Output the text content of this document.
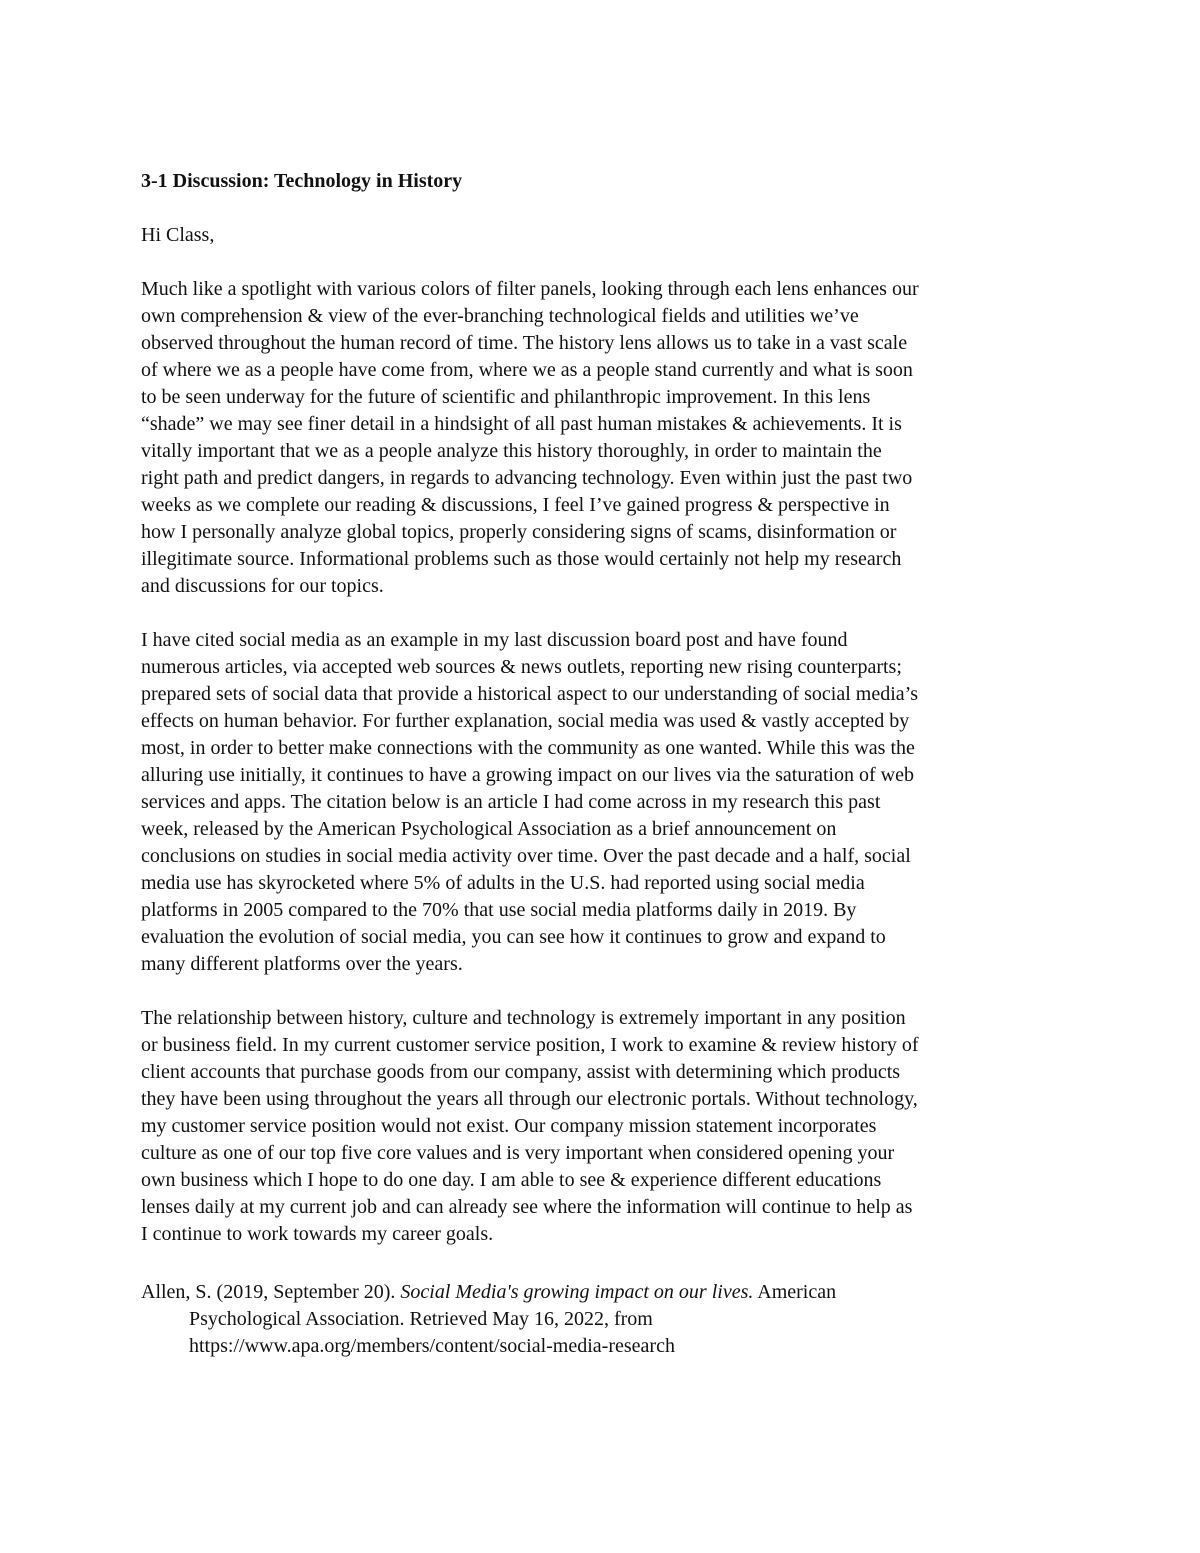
3-1 Discussion: Technology in History

Hi Class,

Much like a spotlight with various colors of filter panels, looking through each lens enhances our
own comprehension & view of the ever-branching technological fields and utilities we’ve
observed throughout the human record of time. The history lens allows us to take in a vast scale
of where we as a people have come from, where we as a people stand currently and what is soon
to be seen underway for the future of scientific and philanthropic improvement. In this lens
“shade” we may see finer detail in a hindsight of all past human mistakes & achievements. It is
vitally important that we as a people analyze this history thoroughly, in order to maintain the
right path and predict dangers, in regards to advancing technology. Even within just the past two
weeks as we complete our reading & discussions, I feel I’ve gained progress & perspective in
how I personally analyze global topics, properly considering signs of scams, disinformation or
illegitimate source. Informational problems such as those would certainly not help my research
and discussions for our topics.

I have cited social media as an example in my last discussion board post and have found
numerous articles, via accepted web sources & news outlets, reporting new rising counterparts;
prepared sets of social data that provide a historical aspect to our understanding of social media’s
effects on human behavior. For further explanation, social media was used & vastly accepted by
most, in order to better make connections with the community as one wanted. While this was the
alluring use initially, it continues to have a growing impact on our lives via the saturation of web
services and apps. The citation below is an article I had come across in my research this past
week, released by the American Psychological Association as a brief announcement on
conclusions on studies in social media activity over time. Over the past decade and a half, social
media use has skyrocketed where 5% of adults in the U.S. had reported using social media
platforms in 2005 compared to the 70% that use social media platforms daily in 2019. By
evaluation the evolution of social media, you can see how it continues to grow and expand to
many different platforms over the years.

The relationship between history, culture and technology is extremely important in any position
or business field. In my current customer service position, I work to examine & review history of
client accounts that purchase goods from our company, assist with determining which products
they have been using throughout the years all through our electronic portals. Without technology,
my customer service position would not exist. Our company mission statement incorporates
culture as one of our top five core values and is very important when considered opening your
own business which I hope to do one day. I am able to see & experience different educations
lenses daily at my current job and can already see where the information will continue to help as
I continue to work towards my career goals.

Allen, S. (2019, September 20). Social Media's growing impact on our lives. American
Psychological Association. Retrieved May 16, 2022, from
https://www.apa.org/members/content/social-media-research
